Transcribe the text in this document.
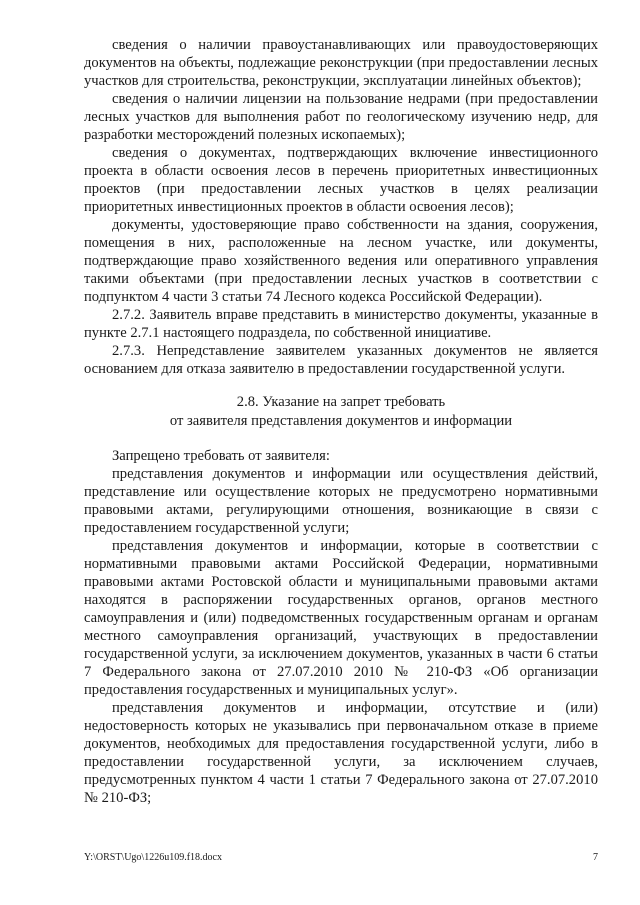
сведения о наличии правоустанавливающих или правоудостоверяющих документов на объекты, подлежащие реконструкции (при предоставлении лесных участков для строительства, реконструкции, эксплуатации линейных объектов);

сведения о наличии лицензии на пользование недрами (при предоставлении лесных участков для выполнения работ по геологическому изучению недр, для разработки месторождений полезных ископаемых);

сведения о документах, подтверждающих включение инвестиционного проекта в области освоения лесов в перечень приоритетных инвестиционных проектов (при предоставлении лесных участков в целях реализации приоритетных инвестиционных проектов в области освоения лесов);

документы, удостоверяющие право собственности на здания, сооружения, помещения в них, расположенные на лесном участке, или документы, подтверждающие право хозяйственного ведения или оперативного управления такими объектами (при предоставлении лесных участков в соответствии с подпунктом 4 части 3 статьи 74 Лесного кодекса Российской Федерации).

2.7.2. Заявитель вправе представить в министерство документы, указанные в пункте 2.7.1 настоящего подраздела, по собственной инициативе.

2.7.3. Непредставление заявителем указанных документов не является основанием для отказа заявителю в предоставлении государственной услуги.

2.8. Указание на запрет требовать
от заявителя представления документов и информации

Запрещено требовать от заявителя:

представления документов и информации или осуществления действий, представление или осуществление которых не предусмотрено нормативными правовыми актами, регулирующими отношения, возникающие в связи с предоставлением государственной услуги;

представления документов и информации, которые в соответствии с нормативными правовыми актами Российской Федерации, нормативными правовыми актами Ростовской области и муниципальными правовыми актами находятся в распоряжении государственных органов, органов местного самоуправления и (или) подведомственных государственным органам и органам местного самоуправления организаций, участвующих в предоставлении государственной услуги, за исключением документов, указанных в части 6 статьи 7 Федерального закона от 27.07.2010 2010 № 210-ФЗ «Об организации предоставления государственных и муниципальных услуг».

представления документов и информации, отсутствие и (или) недостоверность которых не указывались при первоначальном отказе в приеме документов, необходимых для предоставления государственной услуги, либо в предоставлении государственной услуги, за исключением случаев, предусмотренных пунктом 4 части 1 статьи 7 Федерального закона от 27.07.2010 № 210-ФЗ;

Y:\ORST\Ugo\1226u109.f18.docx	7
